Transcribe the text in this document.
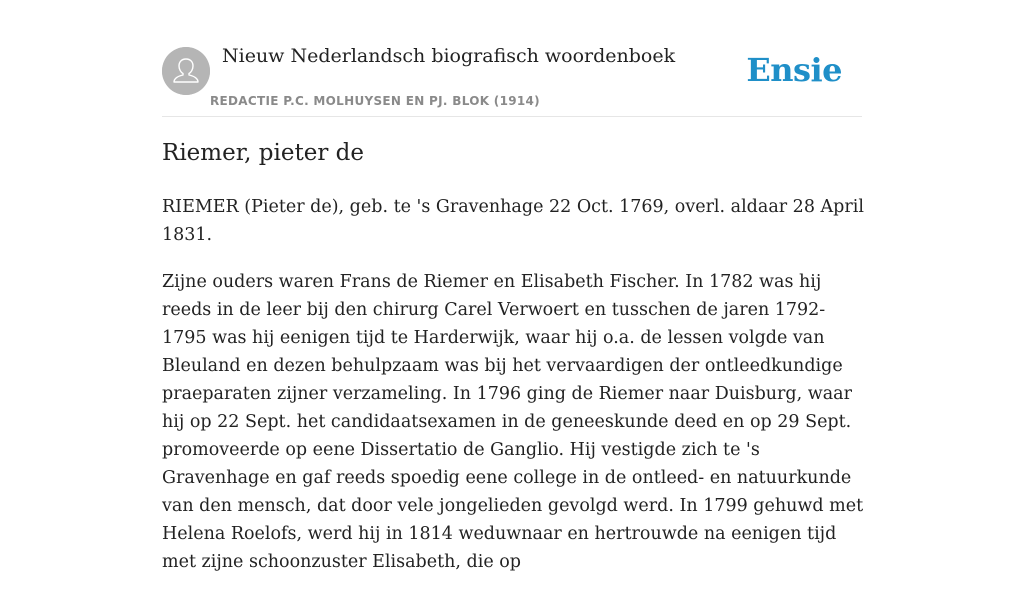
Nieuw Nederlandsch biografisch woordenboek
REDACTIE P.C. MOLHUYSEN EN PJ. BLOK (1914)
Ensie
Riemer, pieter de

RIEMER (Pieter de), geb. te 's Gravenhage 22 Oct. 1769, overl. aldaar 28 April 1831.

Zijne ouders waren Frans de Riemer en Elisabeth Fischer. In 1782 was hij reeds in de leer bij den chirurg Carel Verwoert en tusschen de jaren 1792-1795 was hij eenigen tijd te Harderwijk, waar hij o.a. de lessen volgde van Bleuland en dezen behulpzaam was bij het vervaardigen der ontleedkundige praeparaten zijner verzameling. In 1796 ging de Riemer naar Duisburg, waar hij op 22 Sept. het candidaatsexamen in de geneeskunde deed en op 29 Sept. promoveerde op eene Dissertatio de Ganglio. Hij vestigde zich te 's Gravenhage en gaf reeds spoedig eene college in de ontleed- en natuurkunde van den mensch, dat door vele jongelieden gevolgd werd. In 1799 gehuwd met Helena Roelofs, werd hij in 1814 weduwnaar en hertrouwde na eenigen tijd met zijne schoonzuster Elisabeth, die op
